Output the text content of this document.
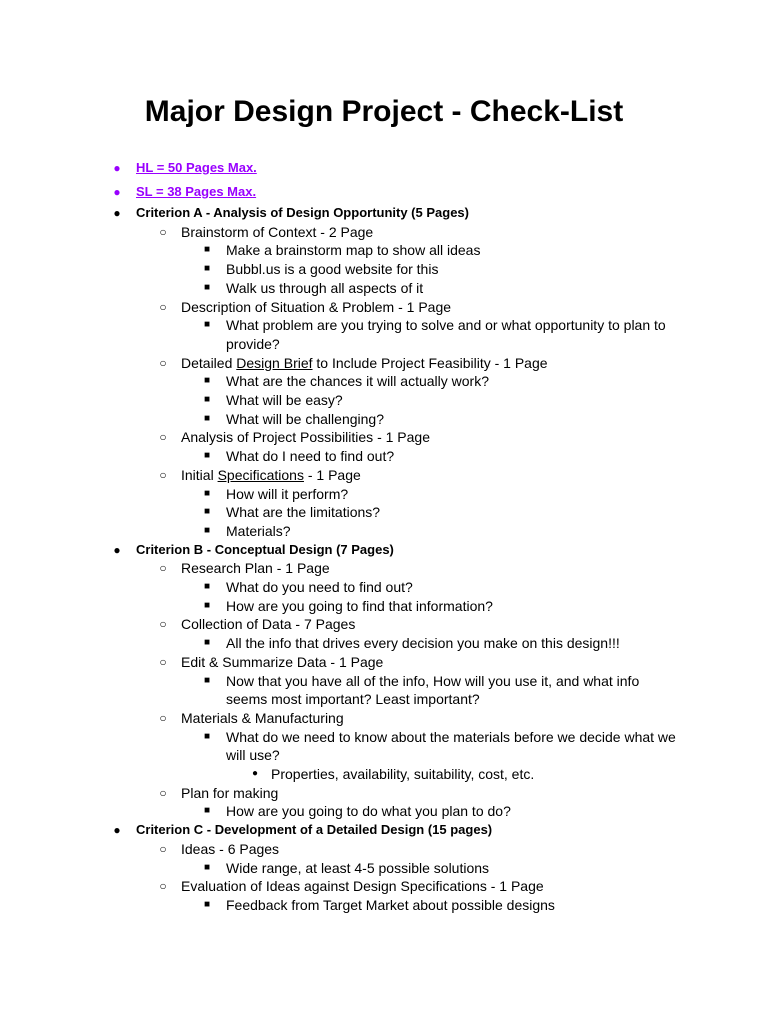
Major Design Project - Check-List
● HL = 50 Pages Max.
● SL = 38 Pages Max.
● Criterion A - Analysis of Design Opportunity (5 Pages)
○ Brainstorm of Context - 2 Page
■ Make a brainstorm map to show all ideas
■ Bubbl.us is a good website for this
■ Walk us through all aspects of it
○ Description of Situation & Problem - 1 Page
■ What problem are you trying to solve and or what opportunity to plan to provide?
○ Detailed Design Brief to Include Project Feasibility - 1 Page
■ What are the chances it will actually work?
■ What will be easy?
■ What will be challenging?
○ Analysis of Project Possibilities - 1 Page
■ What do I need to find out?
○ Initial Specifications - 1 Page
■ How will it perform?
■ What are the limitations?
■ Materials?
● Criterion B - Conceptual Design (7 Pages)
○ Research Plan - 1 Page
■ What do you need to find out?
■ How are you going to find that information?
○ Collection of Data - 7 Pages
■ All the info that drives every decision you make on this design!!!
○ Edit & Summarize Data - 1 Page
■ Now that you have all of the info, How will you use it, and what info seems most important? Least important?
○ Materials & Manufacturing
■ What do we need to know about the materials before we decide what we will use?
● Properties, availability, suitability, cost, etc.
○ Plan for making
■ How are you going to do what you plan to do?
● Criterion C - Development of a Detailed Design (15 pages)
○ Ideas - 6 Pages
■ Wide range, at least 4-5 possible solutions
○ Evaluation of Ideas against Design Specifications - 1 Page
■ Feedback from Target Market about possible designs
